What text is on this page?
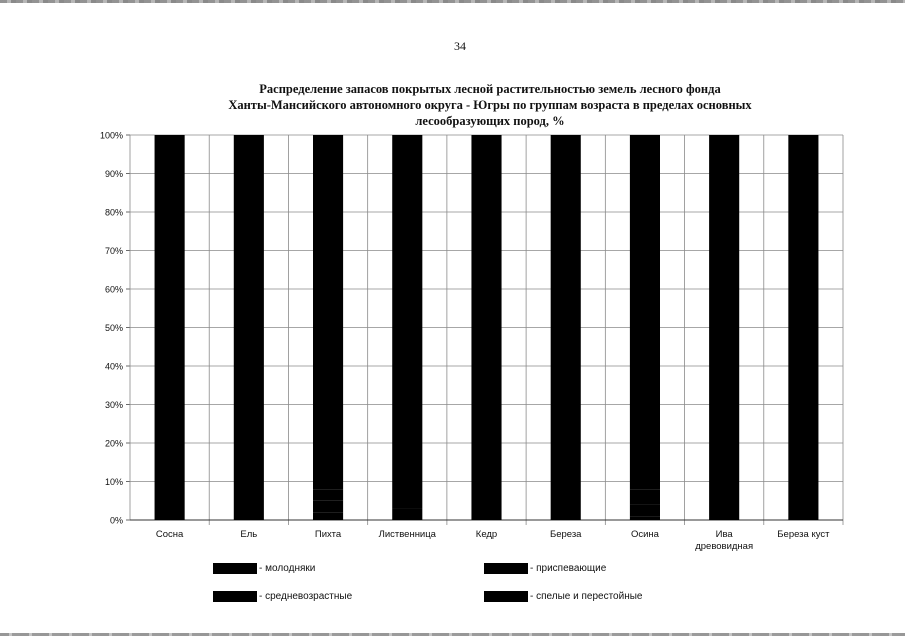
34
Распределение запасов покрытых лесной растительностью земель лесного фонда
Ханты-Мансийского автономного округа - Югры по группам возраста в пределах основных
лесообразующих пород, %
0%
10%
20%
30%
40%
50%
60%
70%
80%
90%
100%
Сосна	Ель	Пихта	Лиственница	Кедр	Береза	Осина	Ива
древовидная
Береза куст
- молодняки
- средневозрастные
- приспевающие
- спелые и перестойные
